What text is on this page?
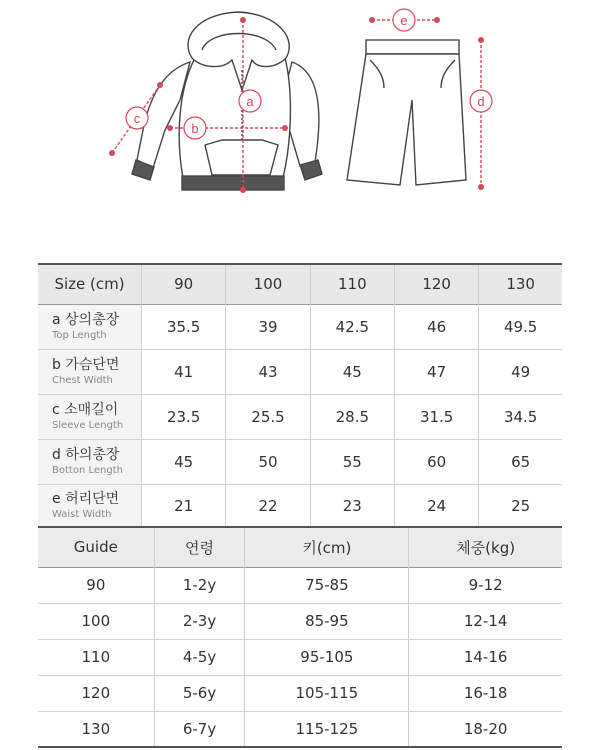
a
b
c
d
e
Size (cm)	90	100	110	120	130

a 상의총장
Top Length	35.5	39	42.5	46	49.5

b 가슴단면
Chest Width	41	43	45	47	49

c 소매길이
Sleeve Length	23.5	25.5	28.5	31.5	34.5

d 하의총장
Botton Length	45	50	55	60	65

e 허리단면
Waist Width	21	22	23	24	25
Guide	연령	키(cm)	체중(kg)
90	1-2y	75-85	9-12
100	2-3y	85-95	12-14
110	4-5y	95-105	14-16
120	5-6y	105-115	16-18
130	6-7y	115-125	18-20
